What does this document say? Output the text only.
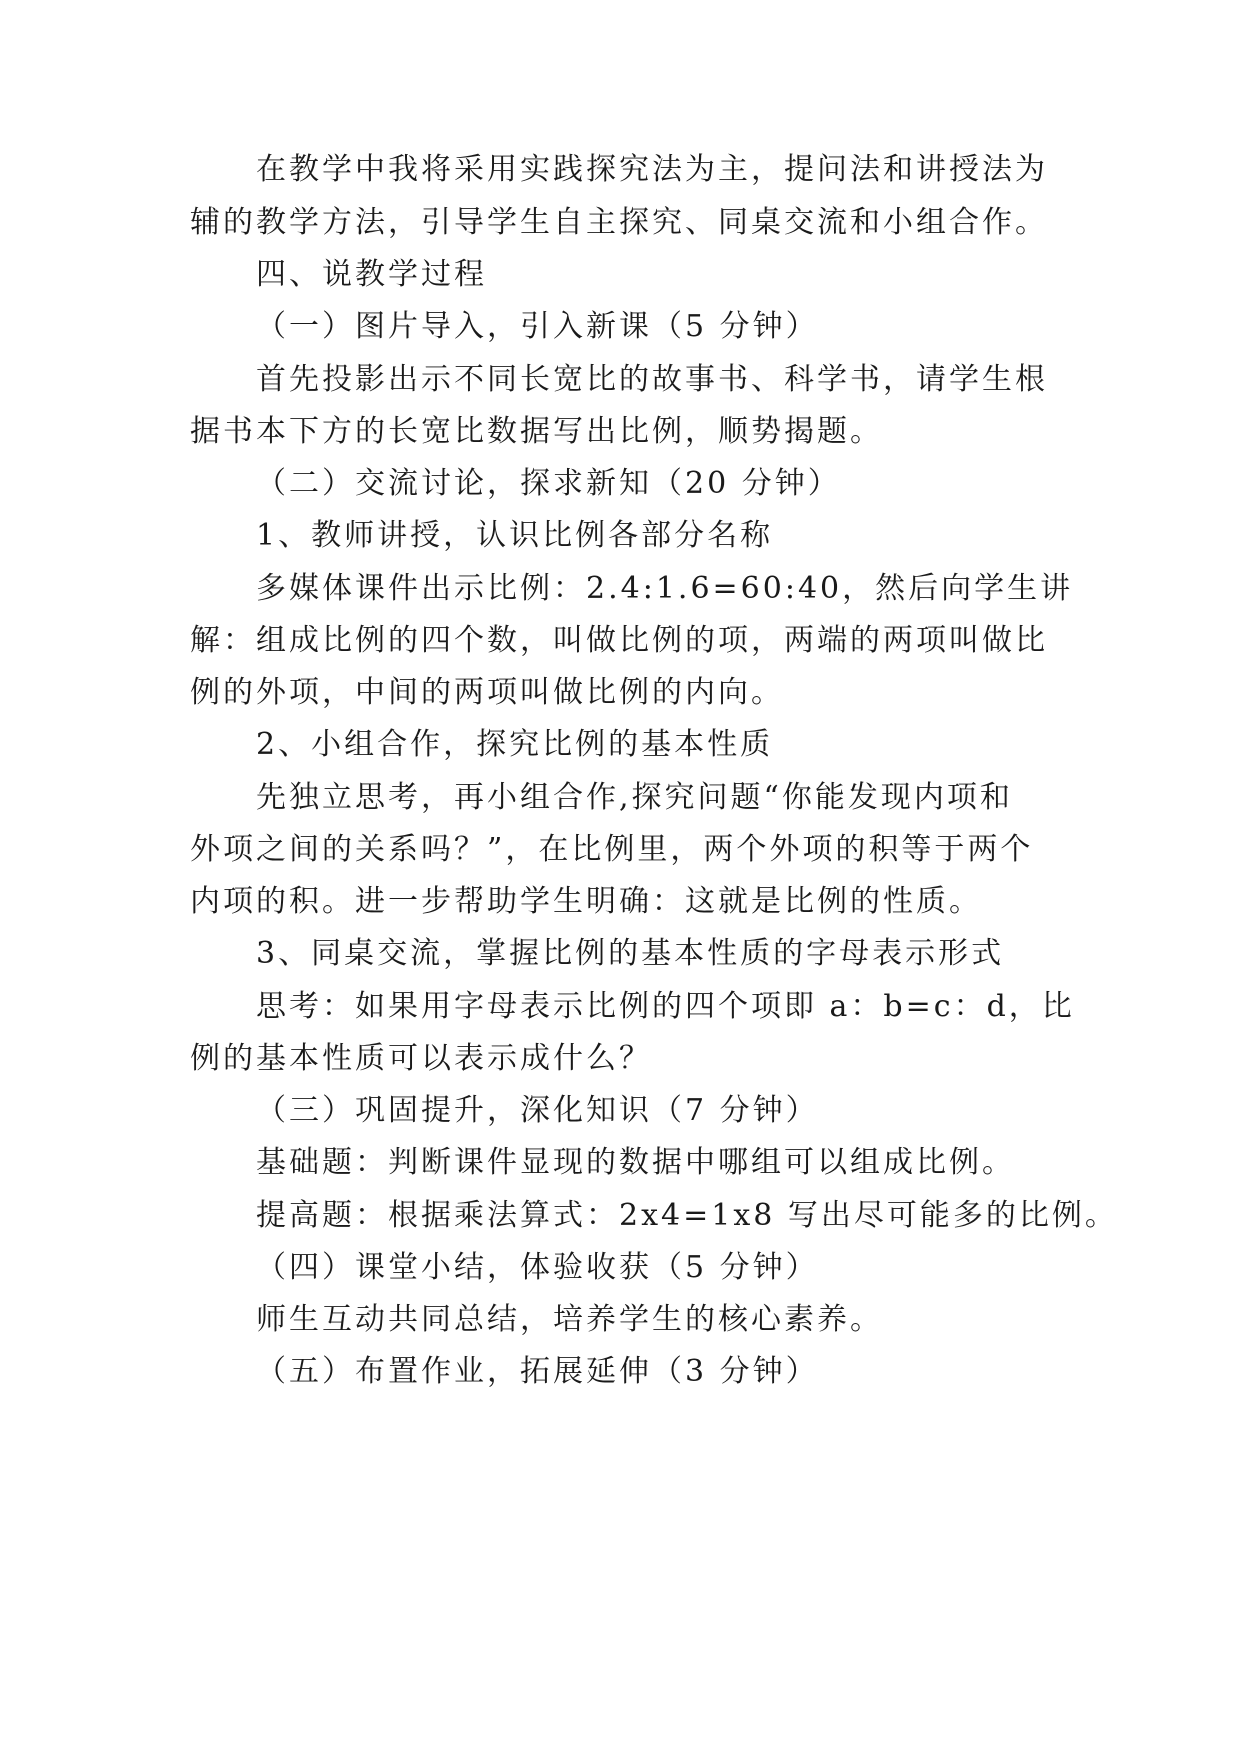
在教学中我将采用实践探究法为主，提问法和讲授法为
辅的教学方法，引导学生自主探究、同桌交流和小组合作。
四、说教学过程
（一）图片导入，引入新课（5 分钟）
首先投影出示不同长宽比的故事书、科学书，请学生根
据书本下方的长宽比数据写出比例，顺势揭题。
（二）交流讨论，探求新知（20 分钟）
1、教师讲授，认识比例各部分名称
多媒体课件出示比例：2.4:1.6=60:40，然后向学生讲
解：组成比例的四个数，叫做比例的项，两端的两项叫做比
例的外项，中间的两项叫做比例的内向。
2、小组合作，探究比例的基本性质
先独立思考，再小组合作,探究问题“你能发现内项和
外项之间的关系吗？”，在比例里，两个外项的积等于两个
内项的积。进一步帮助学生明确：这就是比例的性质。
3、同桌交流，掌握比例的基本性质的字母表示形式
思考：如果用字母表示比例的四个项即 a：b=c：d，比
例的基本性质可以表示成什么？
（三）巩固提升，深化知识（7 分钟）
基础题：判断课件显现的数据中哪组可以组成比例。
提高题：根据乘法算式：2x4=1x8 写出尽可能多的比例。
（四）课堂小结，体验收获（5 分钟）
师生互动共同总结，培养学生的核心素养。
（五）布置作业，拓展延伸（3 分钟）
